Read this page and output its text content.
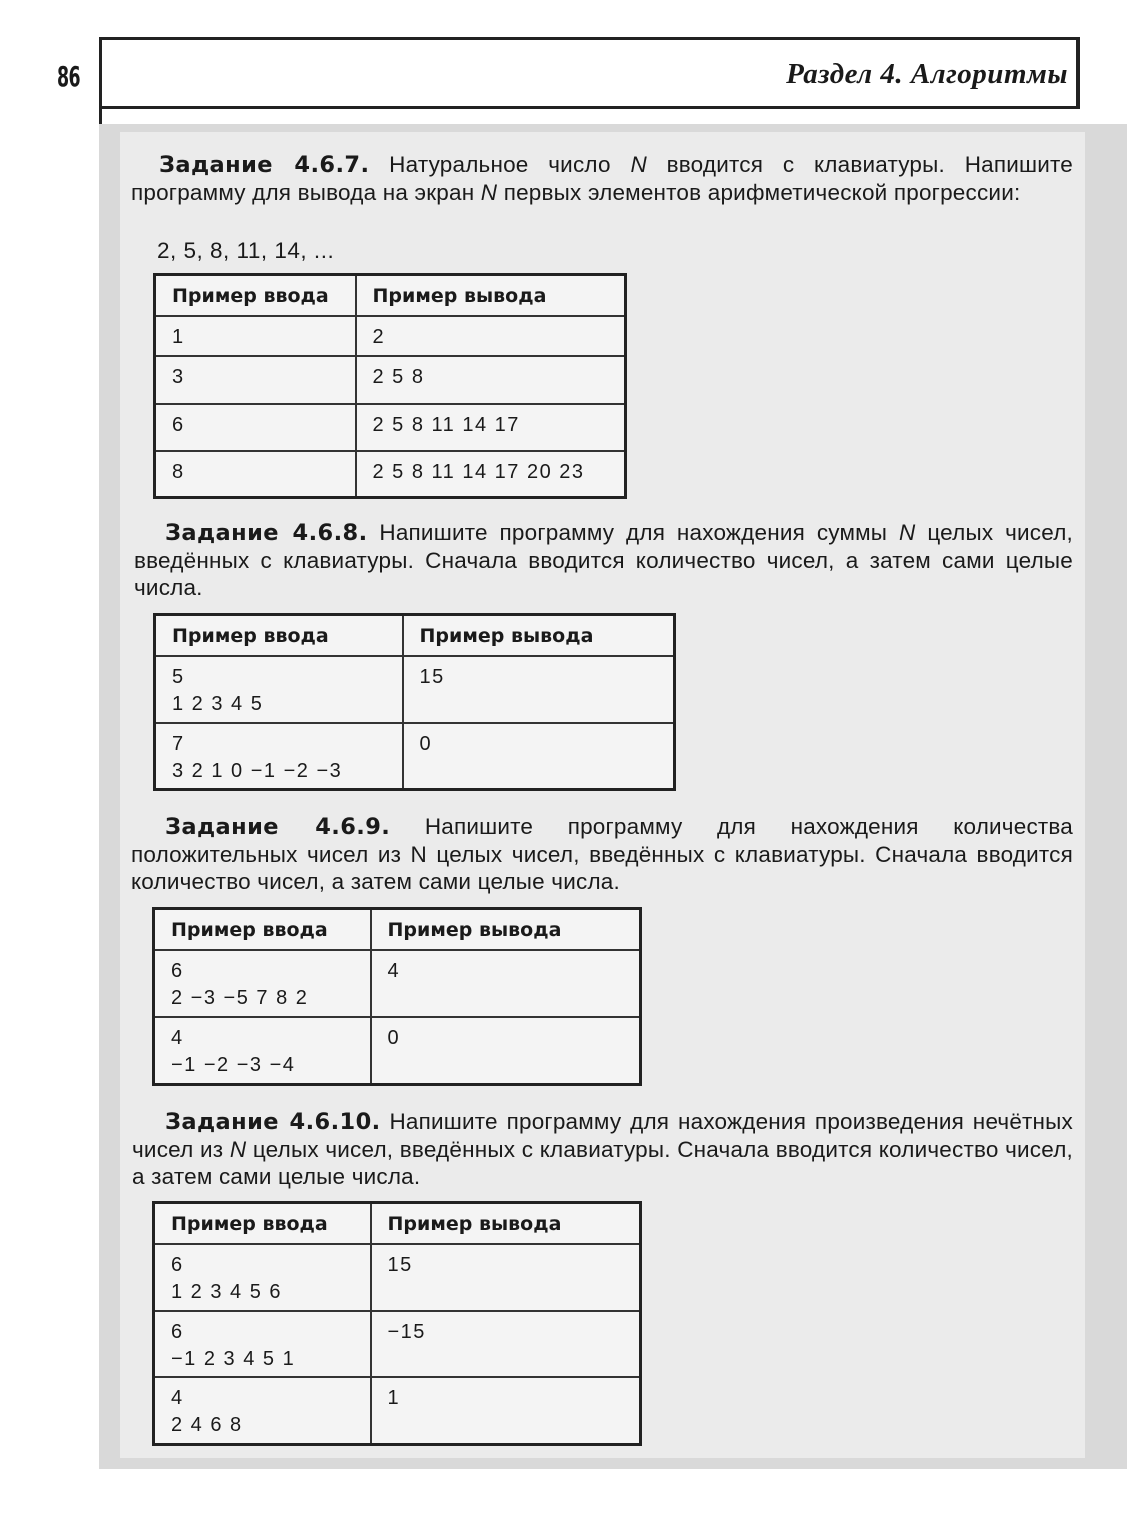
86	Раздел 4. Алгоритмы

Задание 4.6.7. Натуральное число N вводится с клавиатуры. Напишите программу для вывода на экран N первых элементов арифметической прогрессии:

2, 5, 8, 11, 14, ...
Пример ввода	Пример вывода
1	2
3	2 5 8
6	2 5 8 11 14 17
8	2 5 8 11 14 17 20 23

Задание 4.6.8. Напишите программу для нахождения суммы N целых чисел, введённых с клавиатуры. Сначала вводится количество чисел, а затем сами целые числа.

Пример ввода	Пример вывода
5
1 2 3 4 5	15
7
3 2 1 0 −1 −2 −3	0

Задание 4.6.9. Напишите программу для нахождения количества положительных чисел из N целых чисел, введённых с клавиатуры. Сначала вводится количество чисел, а затем сами целые числа.

Пример ввода	Пример вывода
6
2 −3 −5 7 8 2	4
4
−1 −2 −3 −4	0

Задание 4.6.10. Напишите программу для нахождения произведения нечётных чисел из N целых чисел, введённых с клавиатуры. Сначала вводится количество чисел, а затем сами целые числа.

Пример ввода	Пример вывода
6
1 2 3 4 5 6	15
6
−1 2 3 4 5 1	−15
4
2 4 6 8	1
